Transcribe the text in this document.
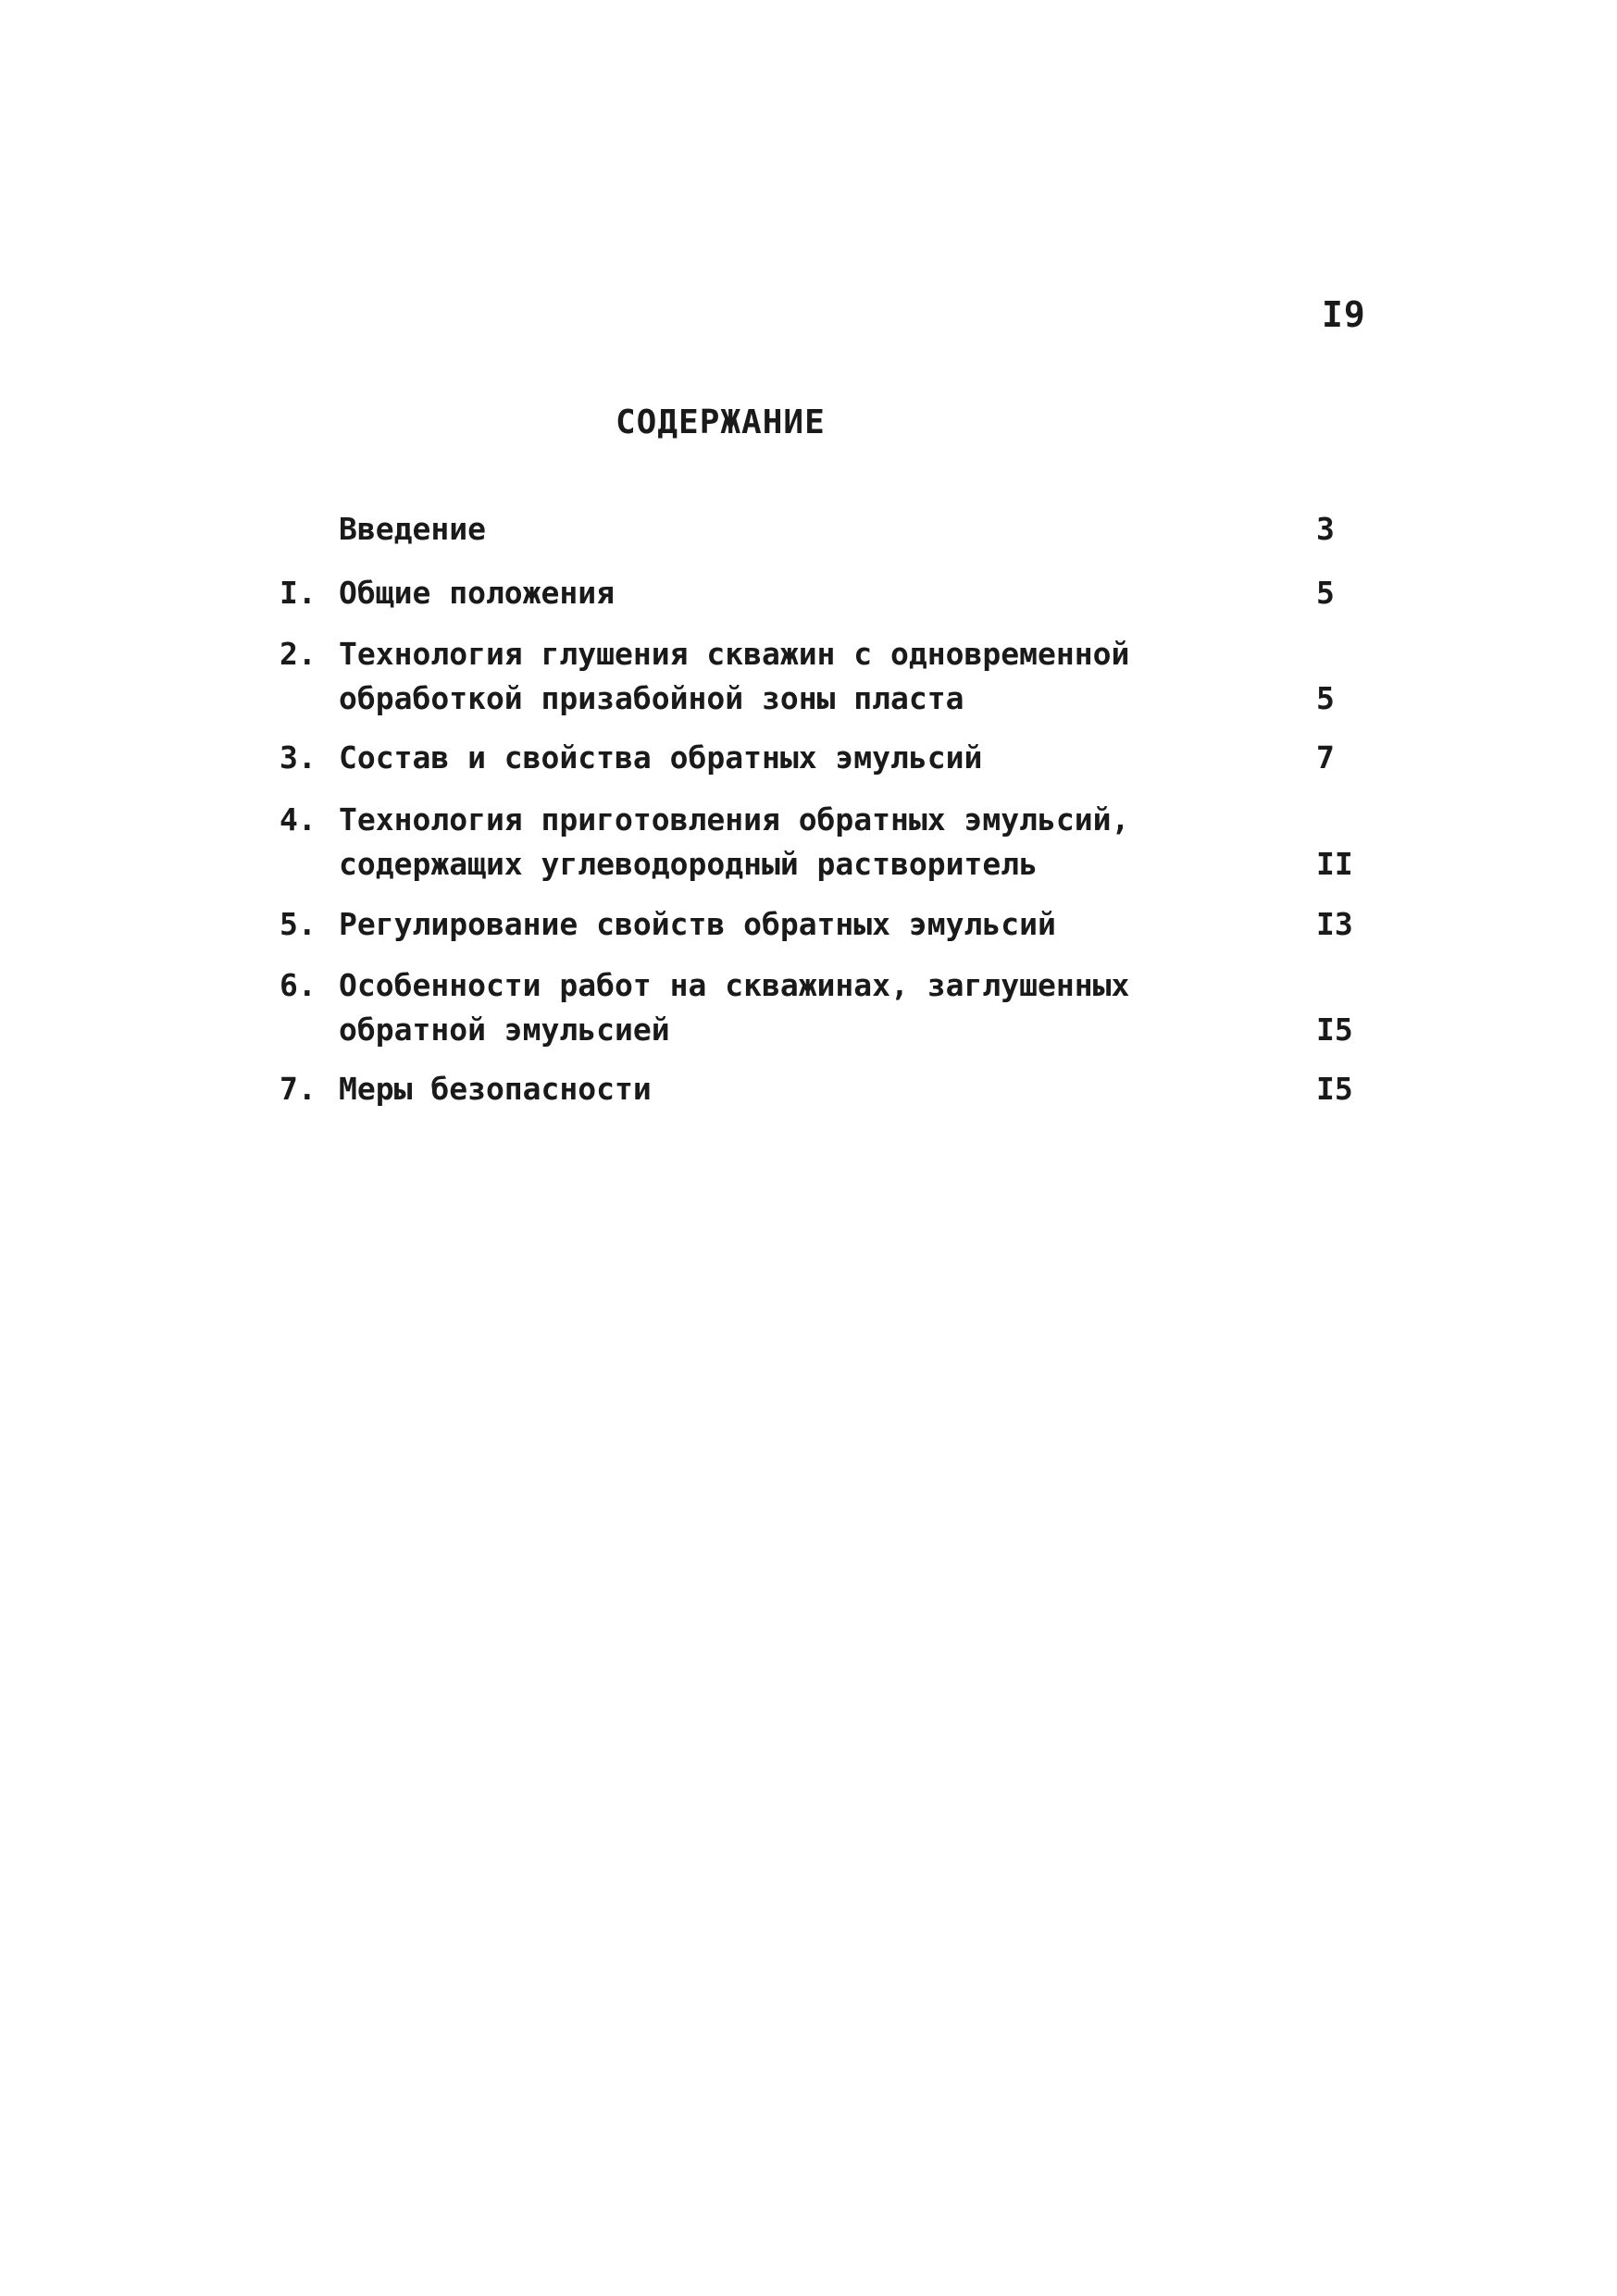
I9
СОДЕРЖАНИЕ
Введение	3
I. Общие положения	5
2. Технология глушения скважин с одновременной
обработкой призабойной зоны пласта	5
3. Состав и свойства обратных эмульсий	7
4. Технология приготовления обратных эмульсий,
содержащих углеводородный растворитель	II
5. Регулирование свойств обратных эмульсий	I3
6. Особенности работ на скважинах, заглушенных
обратной эмульсией	I5
7. Меры безопасности	I5
